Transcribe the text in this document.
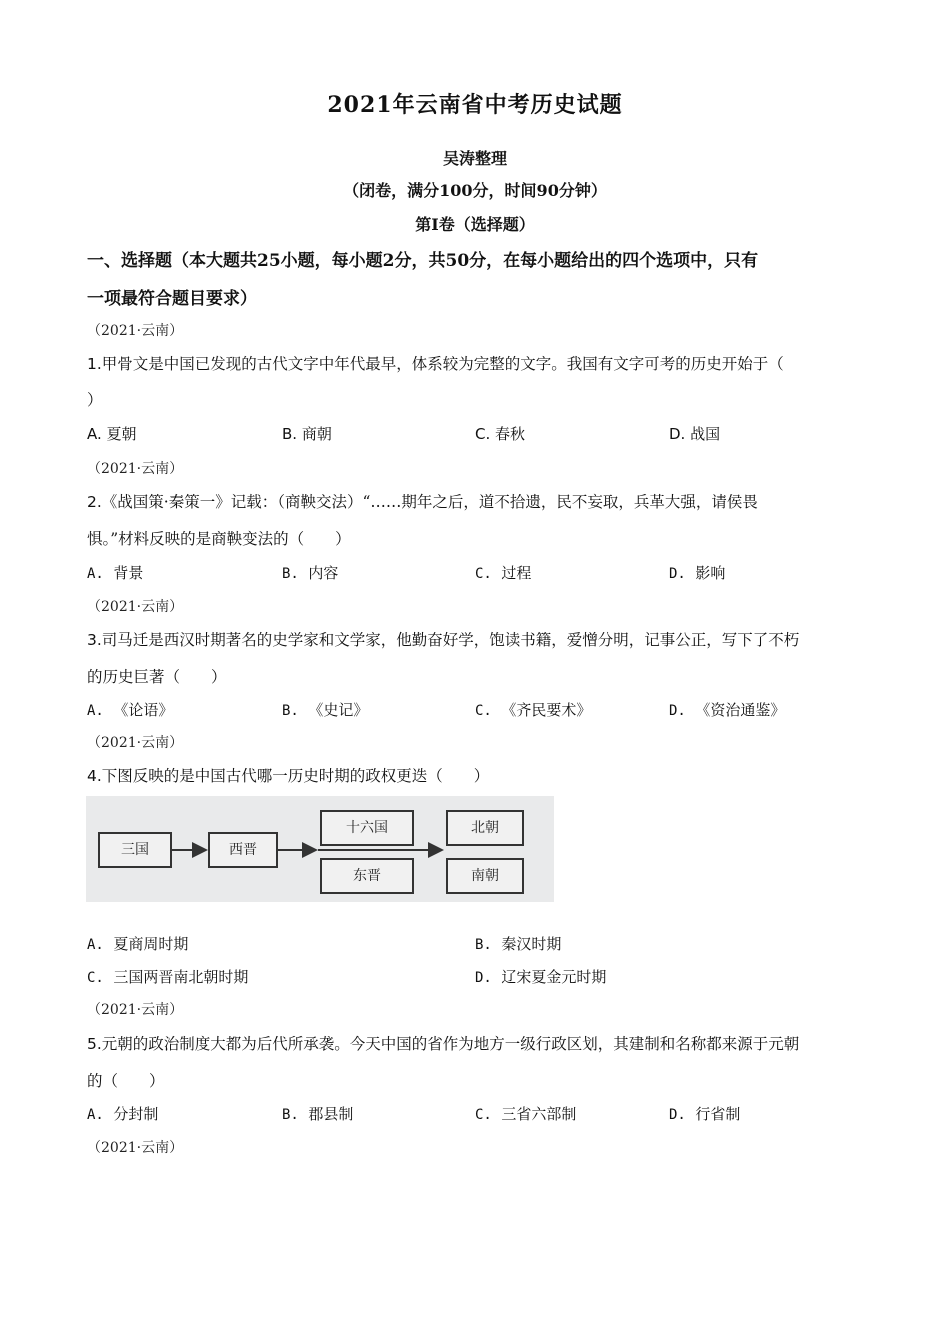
2021年云南省中考历史试题
吴涛整理
（闭卷，满分100分，时间90分钟）
第Ⅰ卷（选择题）
一、选择题（本大题共25小题，每小题2分，共50分，在每小题给出的四个选项中，只有
一项最符合题目要求）
（2021·云南）
1.甲骨文是中国已发现的古代文字中年代最早，体系较为完整的文字。我国有文字可考的历史开始于（
）
A. 夏朝	B. 商朝	C. 春秋	D. 战国
（2021·云南）
2.《战国策·秦策一》记载：（商鞅交法）“……期年之后，道不拾遗，民不妄取，兵革大强，请侯畏
惧。”材料反映的是商鞅变法的（　　）
A. 背景	B. 内容	C. 过程	D. 影响
（2021·云南）
3.司马迁是西汉时期著名的史学家和文学家，他勤奋好学，饱读书籍，爱憎分明，记事公正，写下了不朽
的历史巨著（　　）
A. 《论语》	B. 《史记》	C. 《齐民要术》	D. 《资治通鉴》
（2021·云南）
4.下图反映的是中国古代哪一历史时期的政权更迭（　　）
三国	西晋
十六国
东晋
北朝
南朝
A. 夏商周时期	B. 秦汉时期
C. 三国两晋南北朝时期	D. 辽宋夏金元时期
（2021·云南）
5.元朝的政治制度大都为后代所承袭。今天中国的省作为地方一级行政区划，其建制和名称都来源于元朝
的（　　）
A. 分封制	B. 郡县制	C. 三省六部制	D. 行省制
（2021·云南）
